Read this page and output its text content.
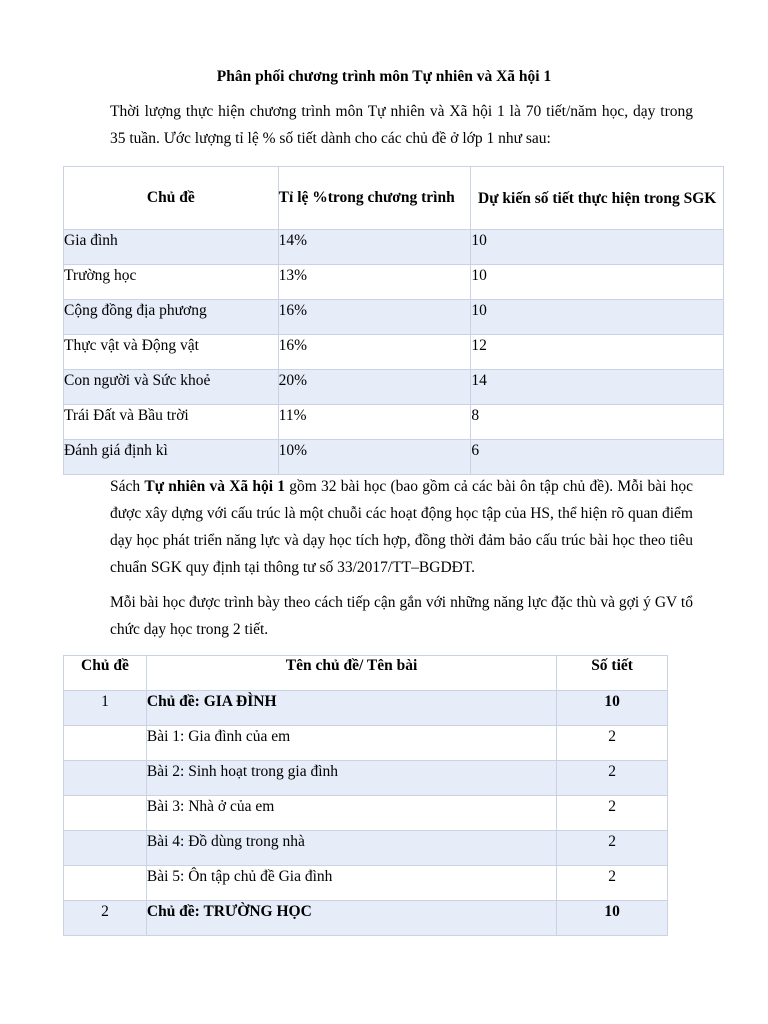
Phân phối chương trình môn Tự nhiên và Xã hội 1
Thời lượng thực hiện chương trình môn Tự nhiên và Xã hội 1 là 70 tiết/năm học, dạy trong 35 tuần. Ước lượng tỉ lệ % số tiết dành cho các chủ đề ở lớp 1 như sau:
Chủ đề	Tỉ lệ %trong chương trình	Dự kiến số tiết thực hiện trong SGK
Gia đình	14%	10
Trường học	13%	10
Cộng đồng địa phương	16%	10
Thực vật và Động vật	16%	12
Con người và Sức khoẻ	20%	14
Trái Đất và Bầu trời	11%	8
Đánh giá định kì	10%	6
Sách Tự nhiên và Xã hội 1 gồm 32 bài học (bao gồm cả các bài ôn tập chủ đề). Mỗi bài học được xây dựng với cấu trúc là một chuỗi các hoạt động học tập của HS, thể hiện rõ quan điểm dạy học phát triển năng lực và dạy học tích hợp, đồng thời đảm bảo cấu trúc bài học theo tiêu chuẩn SGK quy định tại thông tư số 33/2017/TT–BGDĐT.
Mỗi bài học được trình bày theo cách tiếp cận gắn với những năng lực đặc thù và gợi ý GV tổ chức dạy học trong 2 tiết.
Chủ đề	Tên chủ đề/ Tên bài	Số tiết
1	Chủ đề: GIA ĐÌNH	10
	Bài 1: Gia đình của em	2
	Bài 2: Sinh hoạt trong gia đình	2
	Bài 3: Nhà ở của em	2
	Bài 4: Đồ dùng trong nhà	2
	Bài 5: Ôn tập chủ đề Gia đình	2
2	Chủ đề: TRƯỜNG HỌC	10
